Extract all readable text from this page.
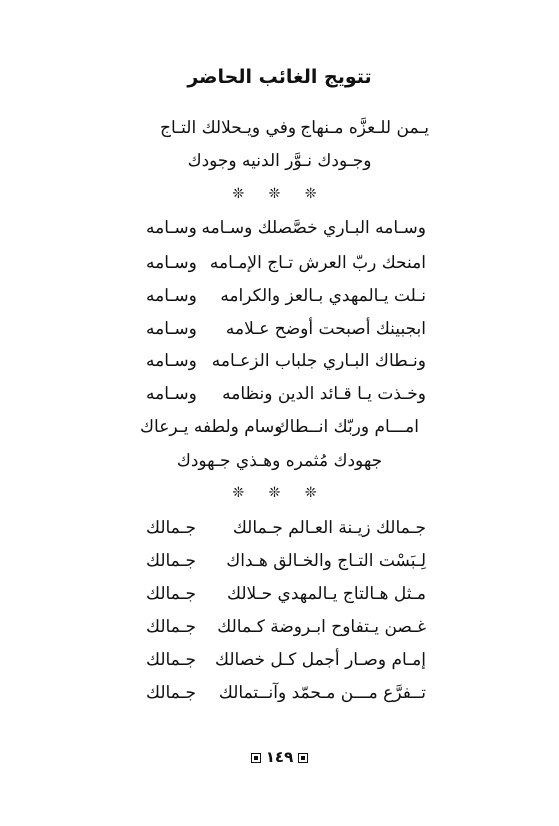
تتويج الغائب الحاضر
يـمن للـعزَّه مـنهاج
وفي ويـحلالك التـاج
وجـودك نـوَّر الدنيه وجودك
❊ ❊ ❊
وسـامه البـاري خصَّصلك وسـامه
وسـامه
امنحك ربّ العرش تـاج الإمـامه
وسـامه
نـلت يـالمهدي بـالعز والكرامه
وسـامه
ابجبينك أصبحت أوضح عـلامه
وسـامه
ونـطاك البـاري جلباب الزعـامه
وسـامه
وخـذت يـا قـائد الدين ونظامه
وسـامه
امـــام وربّك انــطاك
وسام ولطفه يـرعاك
جهودك مُثمره وهـذي جـهودك
❊ ❊ ❊
جـمالك زيـنة العـالم جـمالك
جـمالك
لِـبَسْت التـاج والخـالق هـداك
جـمالك
مـثل هـالتاج يـالمهدي حـلالك
جـمالك
غـصن يـتفاوح ابـروضة كـمالك
جـمالك
إمـام وصـار أجمل كـل خصالك
جـمالك
تــفرَّع مـــن مـحمّد وآنــتمالك
جـمالك
١٤٩
